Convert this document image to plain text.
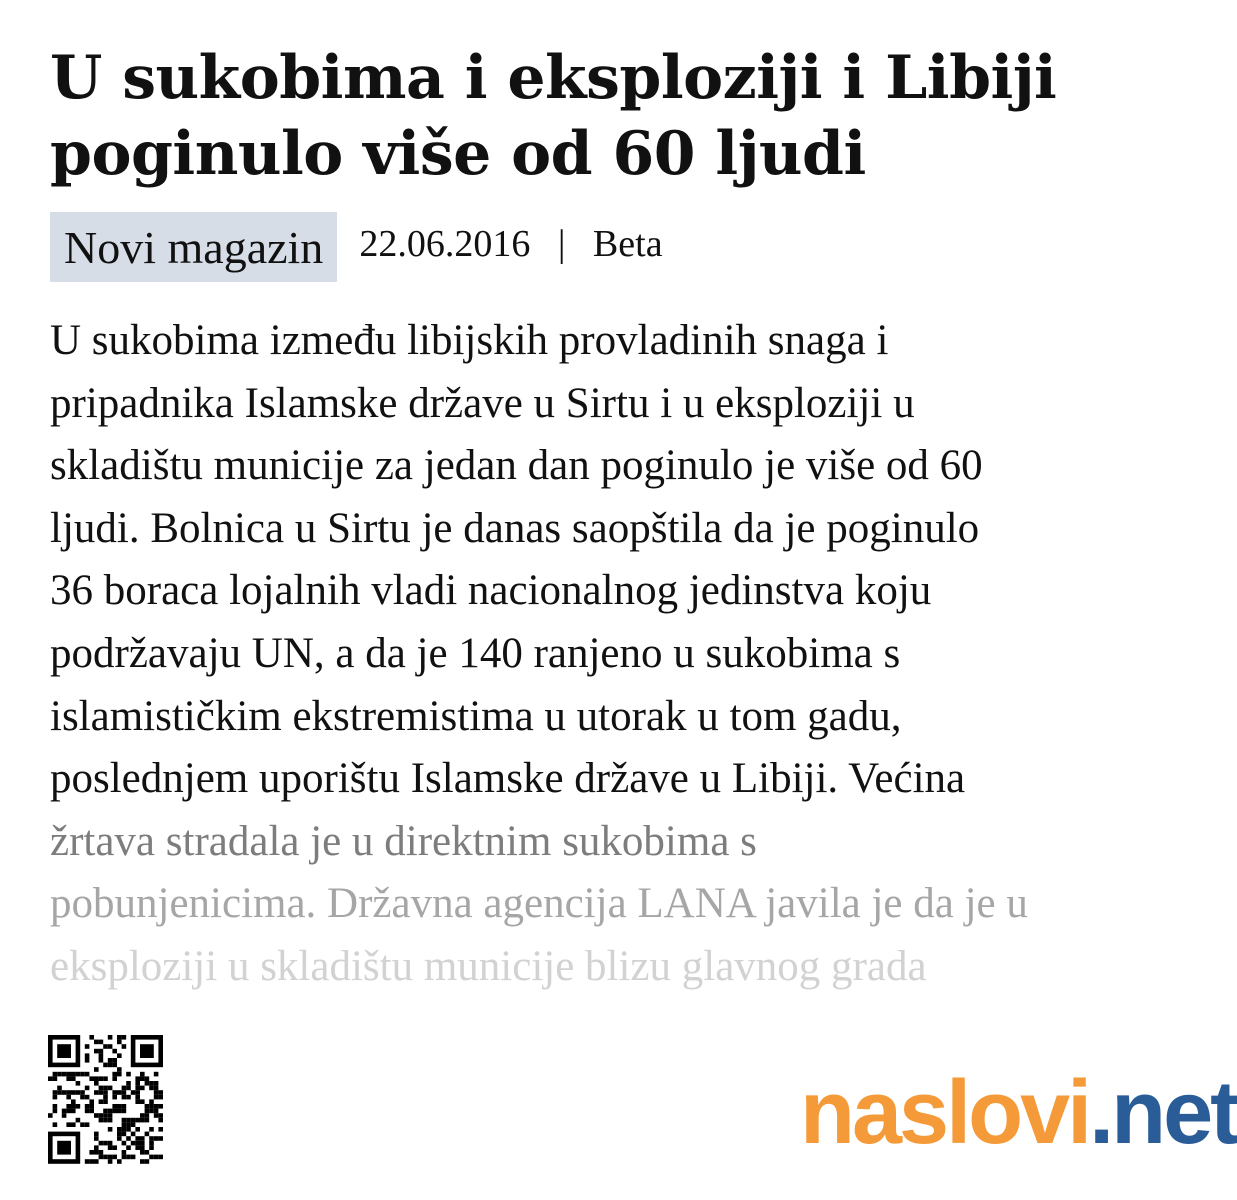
U sukobima i eksploziji i Libiji poginulo više od 60 ljudi
Novi magazin 22.06.2016 | Beta
U sukobima između libijskih provladinih snaga i
pripadnika Islamske države u Sirtu i u eksploziji u
skladištu municije za jedan dan poginulo je više od 60
ljudi. Bolnica u Sirtu je danas saopštila da je poginulo
36 boraca lojalnih vladi nacionalnog jedinstva koju
podržavaju UN, a da je 140 ranjeno u sukobima s
islamističkim ekstremistima u utorak u tom gadu,
poslednjem uporištu Islamske države u Libiji. Većina
žrtava stradala je u direktnim sukobima s
pobunjenicima. Državna agencija LANA javila je da je u
eksploziji u skladištu municije blizu glavnog grada
naslovi.net
